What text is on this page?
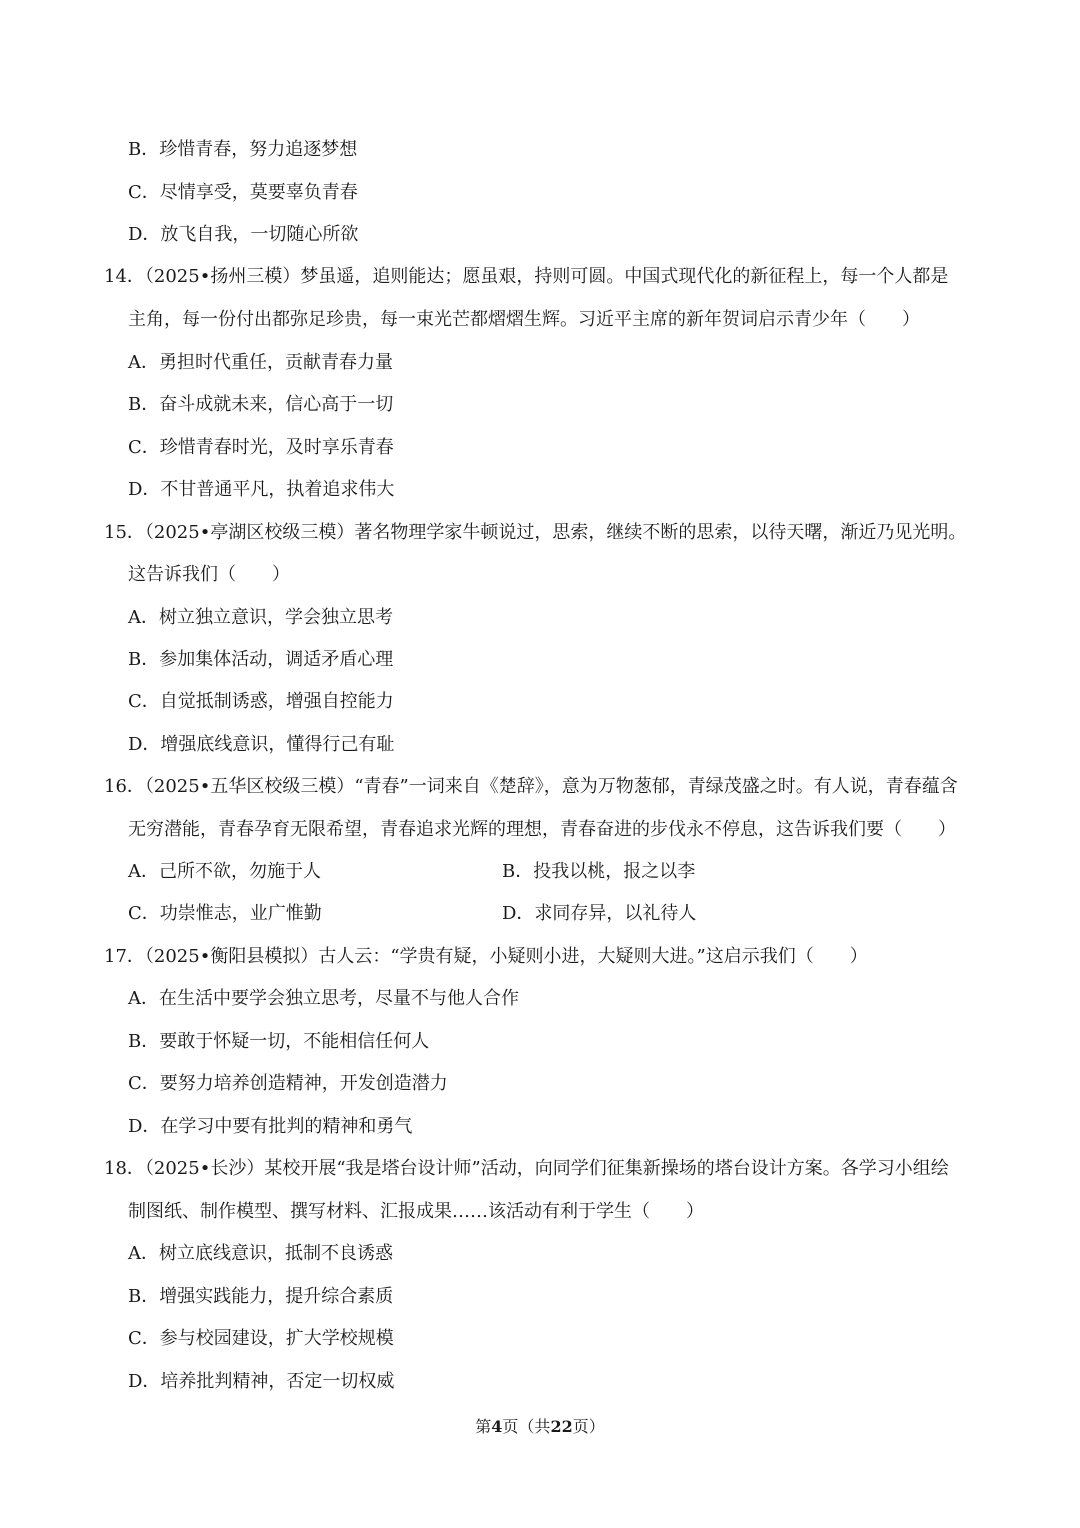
B．珍惜青春，努力追逐梦想
C．尽情享受，莫要辜负青春
D．放飞自我，一切随心所欲
14．（2025•扬州三模）梦虽遥，追则能达；愿虽艰，持则可圆。中国式现代化的新征程上，每一个人都是
主角，每一份付出都弥足珍贵，每一束光芒都熠熠生辉。习近平主席的新年贺词启示青少年（　　）
A．勇担时代重任，贡献青春力量
B．奋斗成就未来，信心高于一切
C．珍惜青春时光，及时享乐青春
D．不甘普通平凡，执着追求伟大
15．（2025•亭湖区校级三模）著名物理学家牛顿说过，思索，继续不断的思索，以待天曙，渐近乃见光明。
这告诉我们（　　）
A．树立独立意识，学会独立思考
B．参加集体活动，调适矛盾心理
C．自觉抵制诱惑，增强自控能力
D．增强底线意识，懂得行己有耻
16．（2025•五华区校级三模）“青春”一词来自《楚辞》，意为万物葱郁，青绿茂盛之时。有人说，青春蕴含
无穷潜能，青春孕育无限希望，青春追求光辉的理想，青春奋进的步伐永不停息，这告诉我们要（　　）
A．己所不欲，勿施于人	B．投我以桃，报之以李
C．功崇惟志，业广惟勤	D．求同存异，以礼待人
17．（2025•衡阳县模拟）古人云：“学贵有疑，小疑则小进，大疑则大进。”这启示我们（　　）
A．在生活中要学会独立思考，尽量不与他人合作
B．要敢于怀疑一切，不能相信任何人
C．要努力培养创造精神，开发创造潜力
D．在学习中要有批判的精神和勇气
18．（2025•长沙）某校开展“我是塔台设计师”活动，向同学们征集新操场的塔台设计方案。各学习小组绘
制图纸、制作模型、撰写材料、汇报成果……该活动有利于学生（　　）
A．树立底线意识，抵制不良诱惑
B．增强实践能力，提升综合素质
C．参与校园建设，扩大学校规模
D．培养批判精神，否定一切权威
第4页（共22页）
